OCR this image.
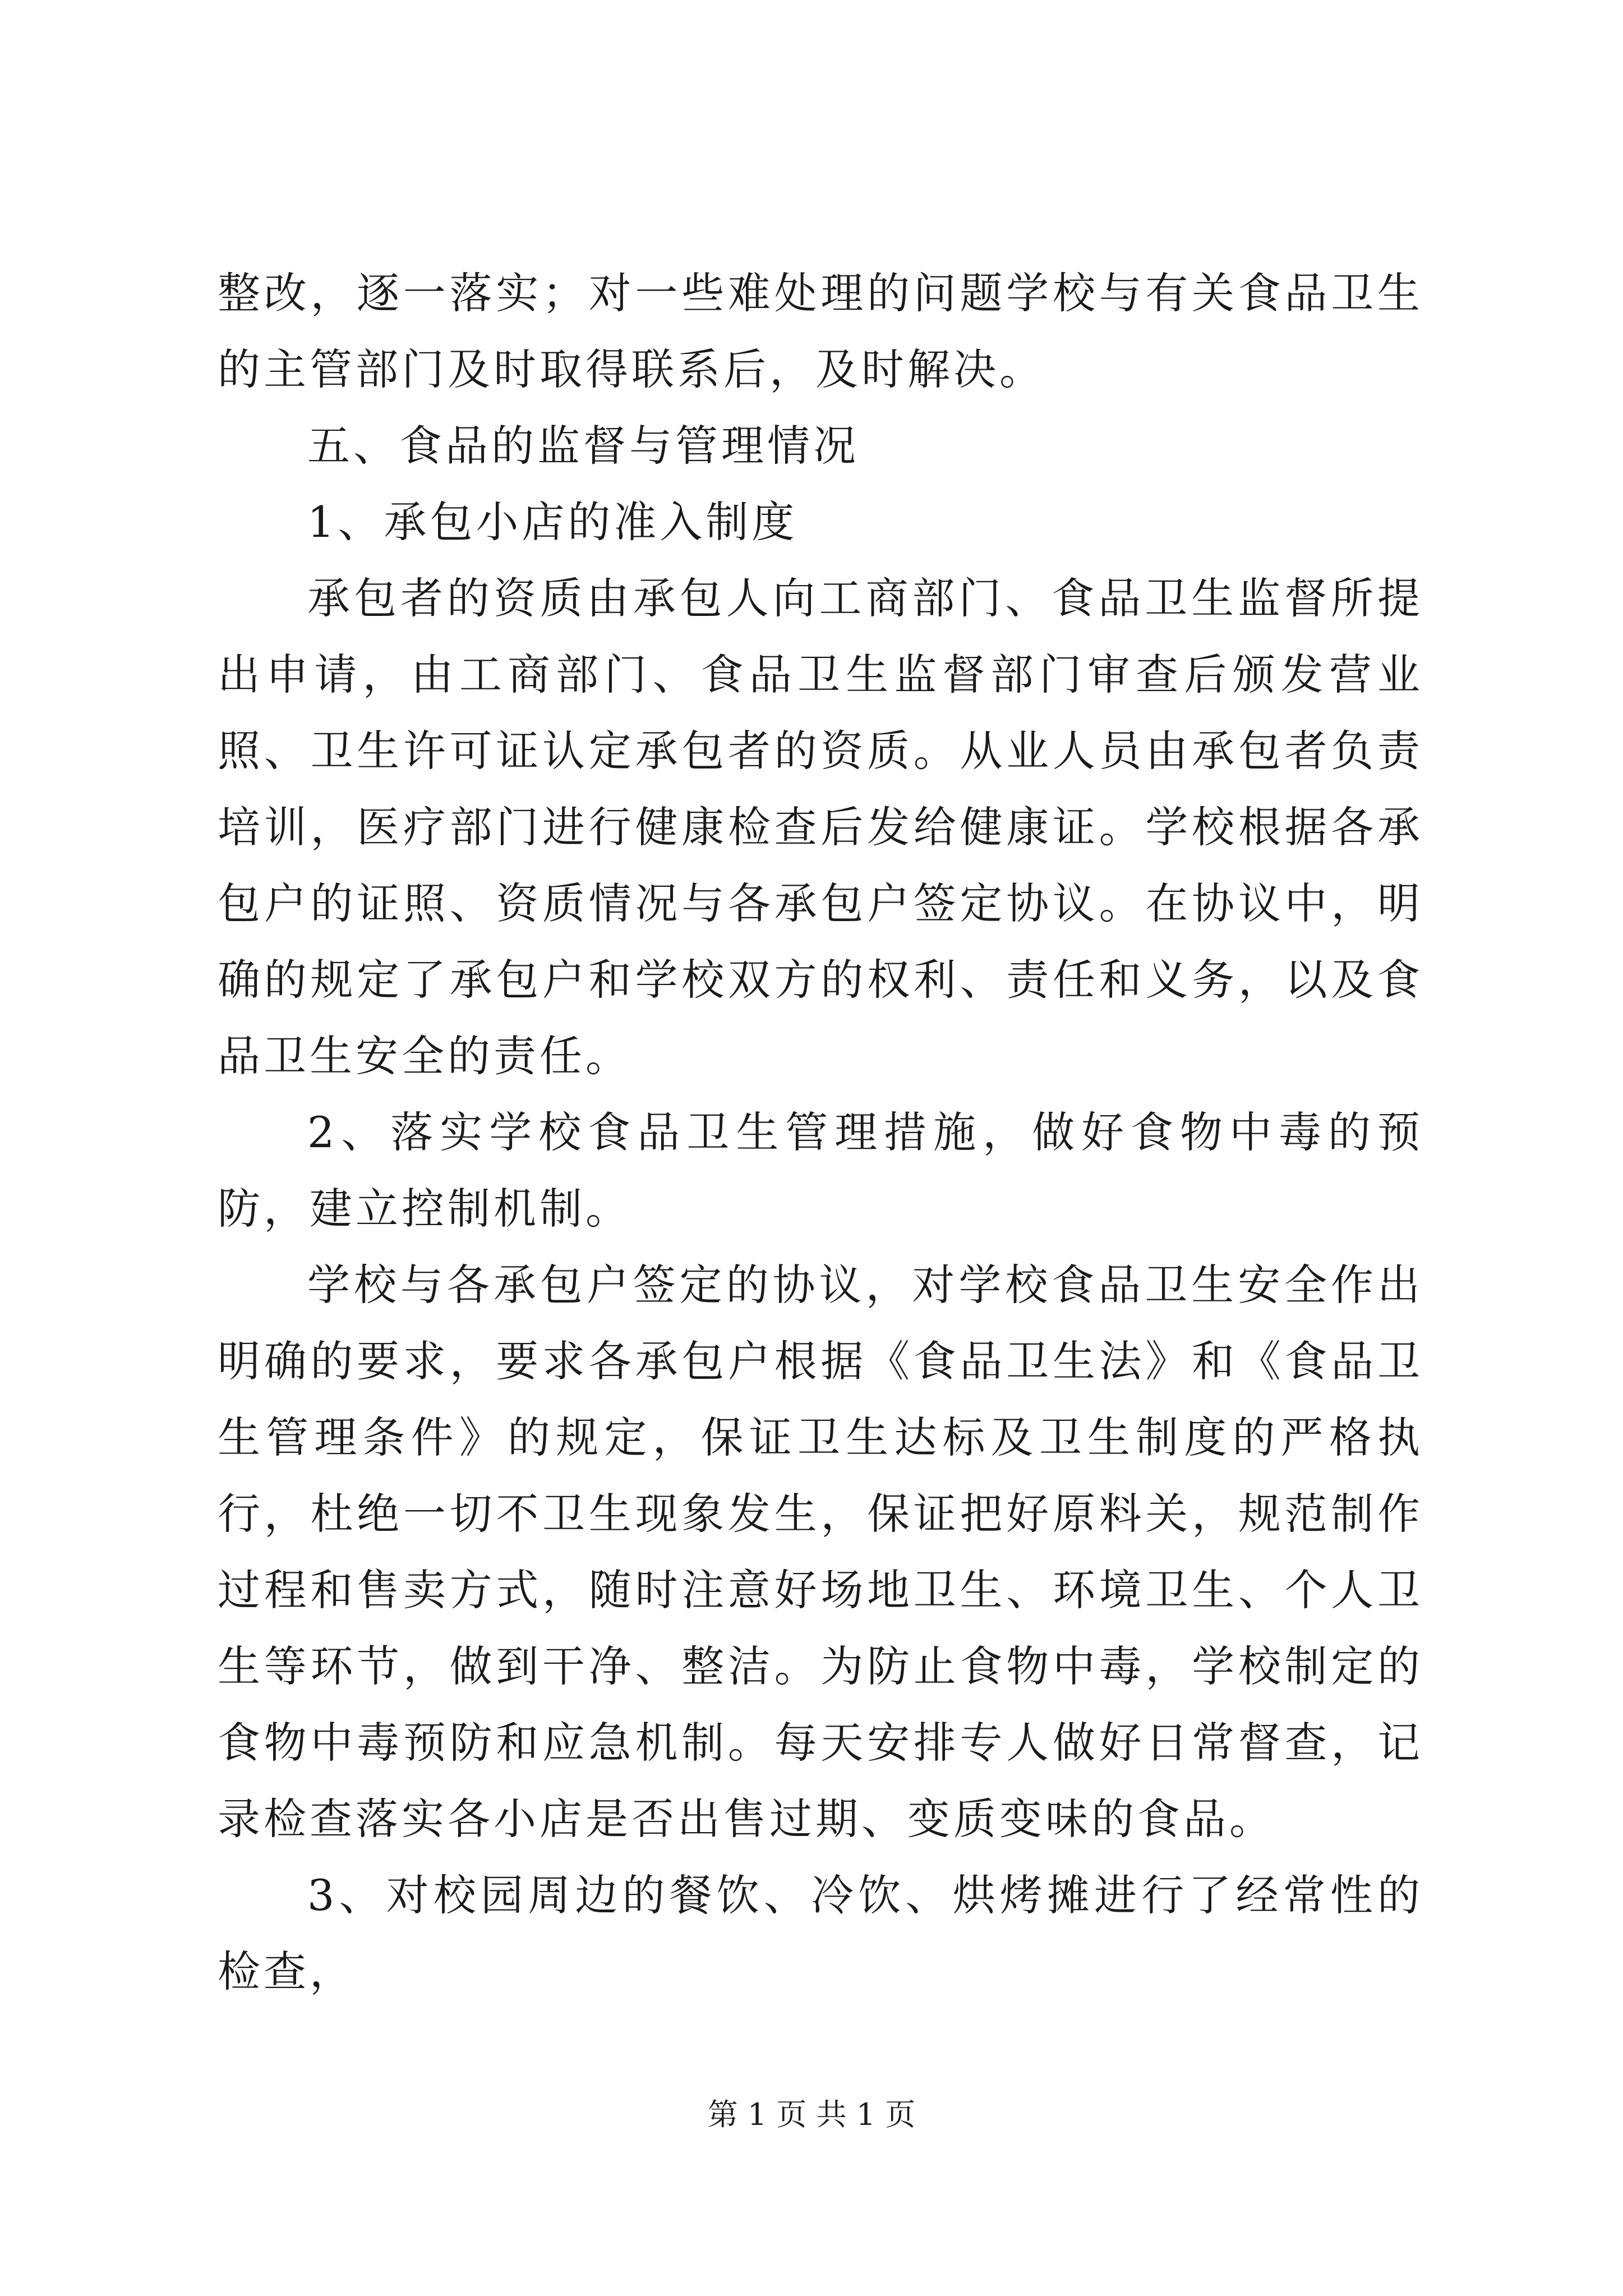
整改，逐一落实；对一些难处理的问题学校与有关食品卫生的主管部门及时取得联系后，及时解决。

五、食品的监督与管理情况

1、承包小店的准入制度

承包者的资质由承包人向工商部门、食品卫生监督所提出申请，由工商部门、食品卫生监督部门审查后颁发营业照、卫生许可证认定承包者的资质。从业人员由承包者负责培训，医疗部门进行健康检查后发给健康证。学校根据各承包户的证照、资质情况与各承包户签定协议。在协议中，明确的规定了承包户和学校双方的权利、责任和义务，以及食品卫生安全的责任。

2、落实学校食品卫生管理措施，做好食物中毒的预防，建立控制机制。

学校与各承包户签定的协议，对学校食品卫生安全作出明确的要求，要求各承包户根据《食品卫生法》和《食品卫生管理条件》的规定，保证卫生达标及卫生制度的严格执行，杜绝一切不卫生现象发生，保证把好原料关，规范制作过程和售卖方式，随时注意好场地卫生、环境卫生、个人卫生等环节，做到干净、整洁。为防止食物中毒，学校制定的食物中毒预防和应急机制。每天安排专人做好日常督查，记录检查落实各小店是否出售过期、变质变味的食品。

3、对校园周边的餐饮、冷饮、烘烤摊进行了经常性的检查，

第 1 页 共 1 页
